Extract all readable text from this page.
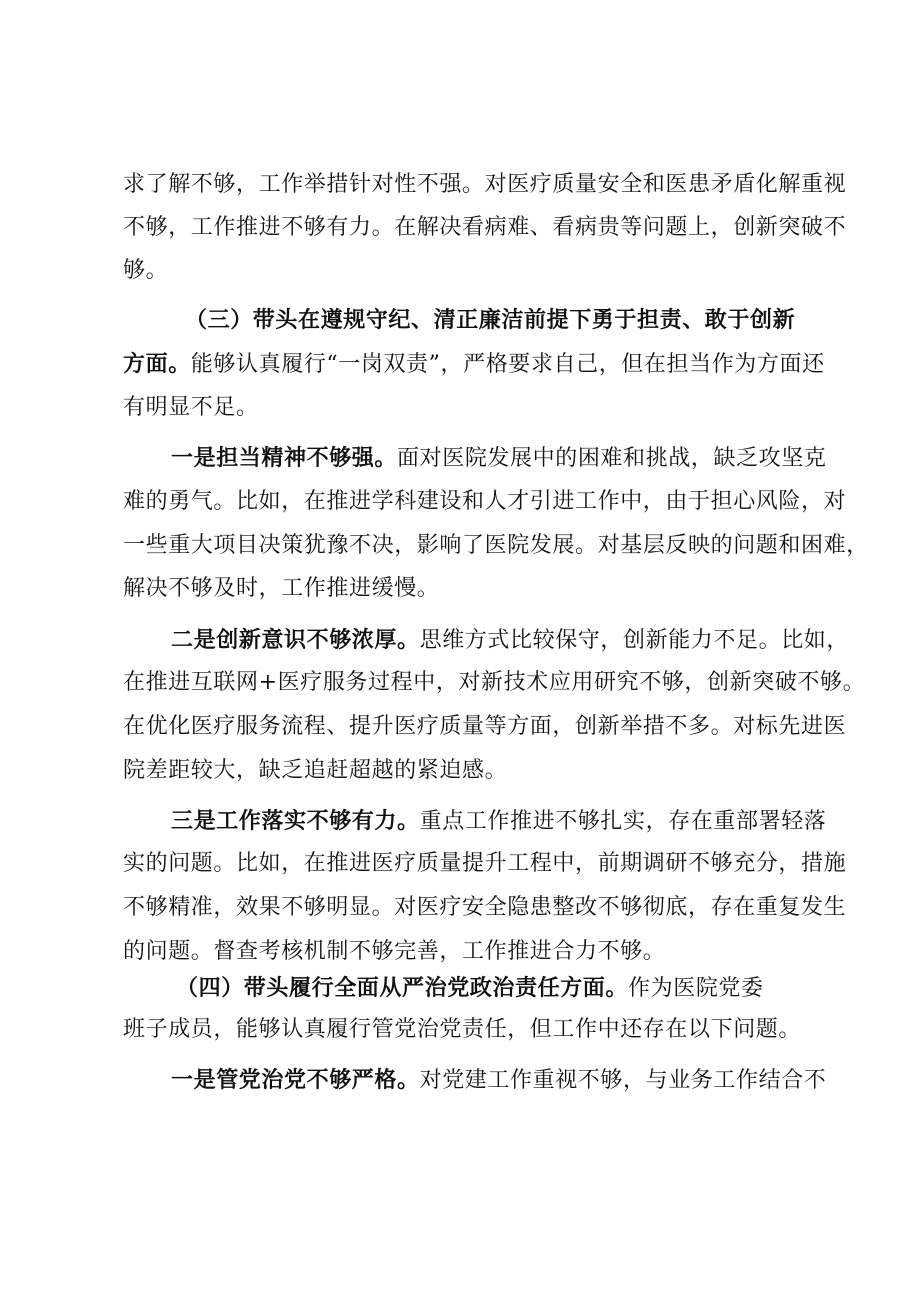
求了解不够，工作举措针对性不强。对医疗质量安全和医患矛盾化解重视
不够，工作推进不够有力。在解决看病难、看病贵等问题上，创新突破不
够。
（三）带头在遵规守纪、清正廉洁前提下勇于担责、敢于创新
方面。能够认真履行“一岗双责”，严格要求自己，但在担当作为方面还
有明显不足。
一是担当精神不够强。面对医院发展中的困难和挑战，缺乏攻坚克
难的勇气。比如，在推进学科建设和人才引进工作中，由于担心风险，对
一些重大项目决策犹豫不决，影响了医院发展。对基层反映的问题和困难，
解决不够及时，工作推进缓慢。
二是创新意识不够浓厚。思维方式比较保守，创新能力不足。比如，
在推进互联网+医疗服务过程中，对新技术应用研究不够，创新突破不够。
在优化医疗服务流程、提升医疗质量等方面，创新举措不多。对标先进医
院差距较大，缺乏追赶超越的紧迫感。
三是工作落实不够有力。重点工作推进不够扎实，存在重部署轻落
实的问题。比如，在推进医疗质量提升工程中，前期调研不够充分，措施
不够精准，效果不够明显。对医疗安全隐患整改不够彻底，存在重复发生
的问题。督查考核机制不够完善，工作推进合力不够。
（四）带头履行全面从严治党政治责任方面。作为医院党委
班子成员，能够认真履行管党治党责任，但工作中还存在以下问题。
一是管党治党不够严格。对党建工作重视不够，与业务工作结合不
